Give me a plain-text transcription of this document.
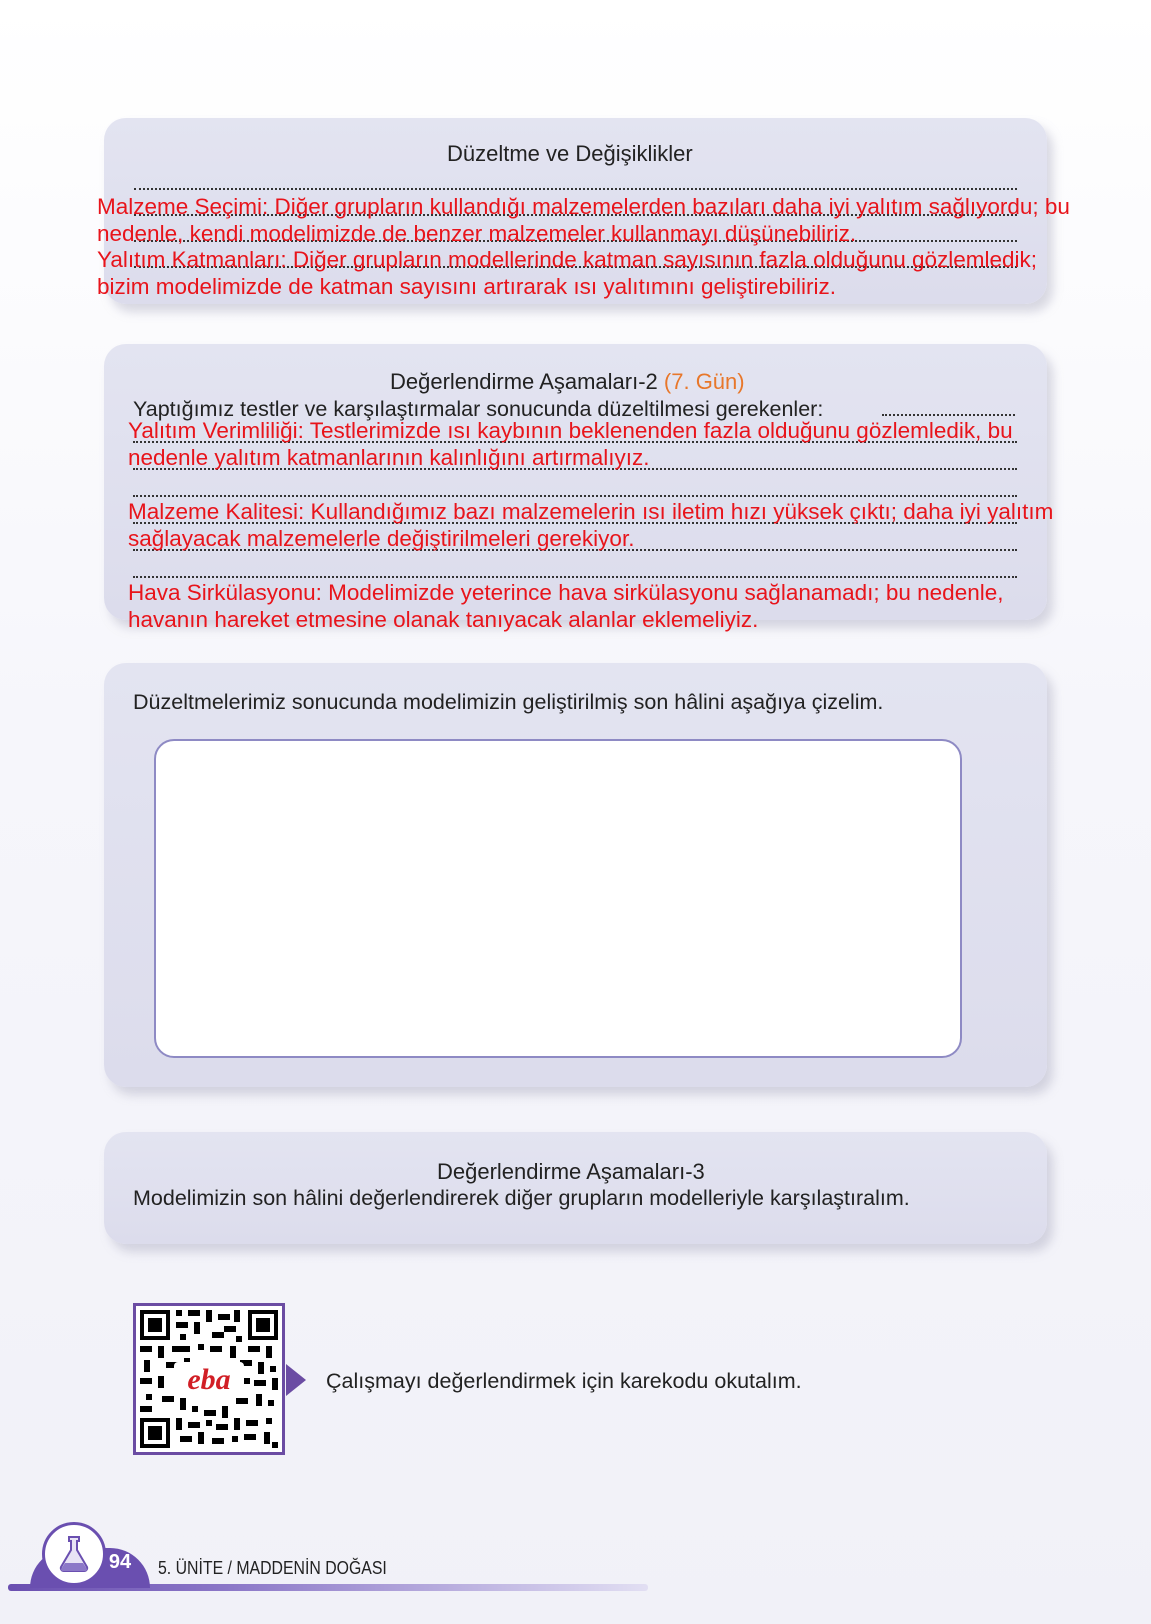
Düzeltme ve Değişiklikler
Malzeme Seçimi: Diğer grupların kullandığı malzemelerden bazıları daha iyi yalıtım sağlıyordu; bu
nedenle, kendi modelimizde de benzer malzemeler kullanmayı düşünebiliriz.
Yalıtım Katmanları: Diğer grupların modellerinde katman sayısının fazla olduğunu gözlemledik;
bizim modelimizde de katman sayısını artırarak ısı yalıtımını geliştirebiliriz.
Değerlendirme Aşamaları-2 (7. Gün)
Yaptığımız testler ve karşılaştırmalar sonucunda düzeltilmesi gerekenler:
Yalıtım Verimliliği: Testlerimizde ısı kaybının beklenenden fazla olduğunu gözlemledik, bu
nedenle yalıtım katmanlarının kalınlığını artırmalıyız.
Malzeme Kalitesi: Kullandığımız bazı malzemelerin ısı iletim hızı yüksek çıktı; daha iyi yalıtım
sağlayacak malzemelerle değiştirilmeleri gerekiyor.
Hava Sirkülasyonu: Modelimizde yeterince hava sirkülasyonu sağlanamadı; bu nedenle,
havanın hareket etmesine olanak tanıyacak alanlar eklemeliyiz.
Düzeltmelerimiz sonucunda modelimizin geliştirilmiş son hâlini aşağıya çizelim.
Değerlendirme Aşamaları-3
Modelimizin son hâlini değerlendirerek diğer grupların modelleriyle karşılaştıralım.
eba	Çalışmayı değerlendirmek için karekodu okutalım.
94	5. ÜNİTE / MADDENİN DOĞASI
